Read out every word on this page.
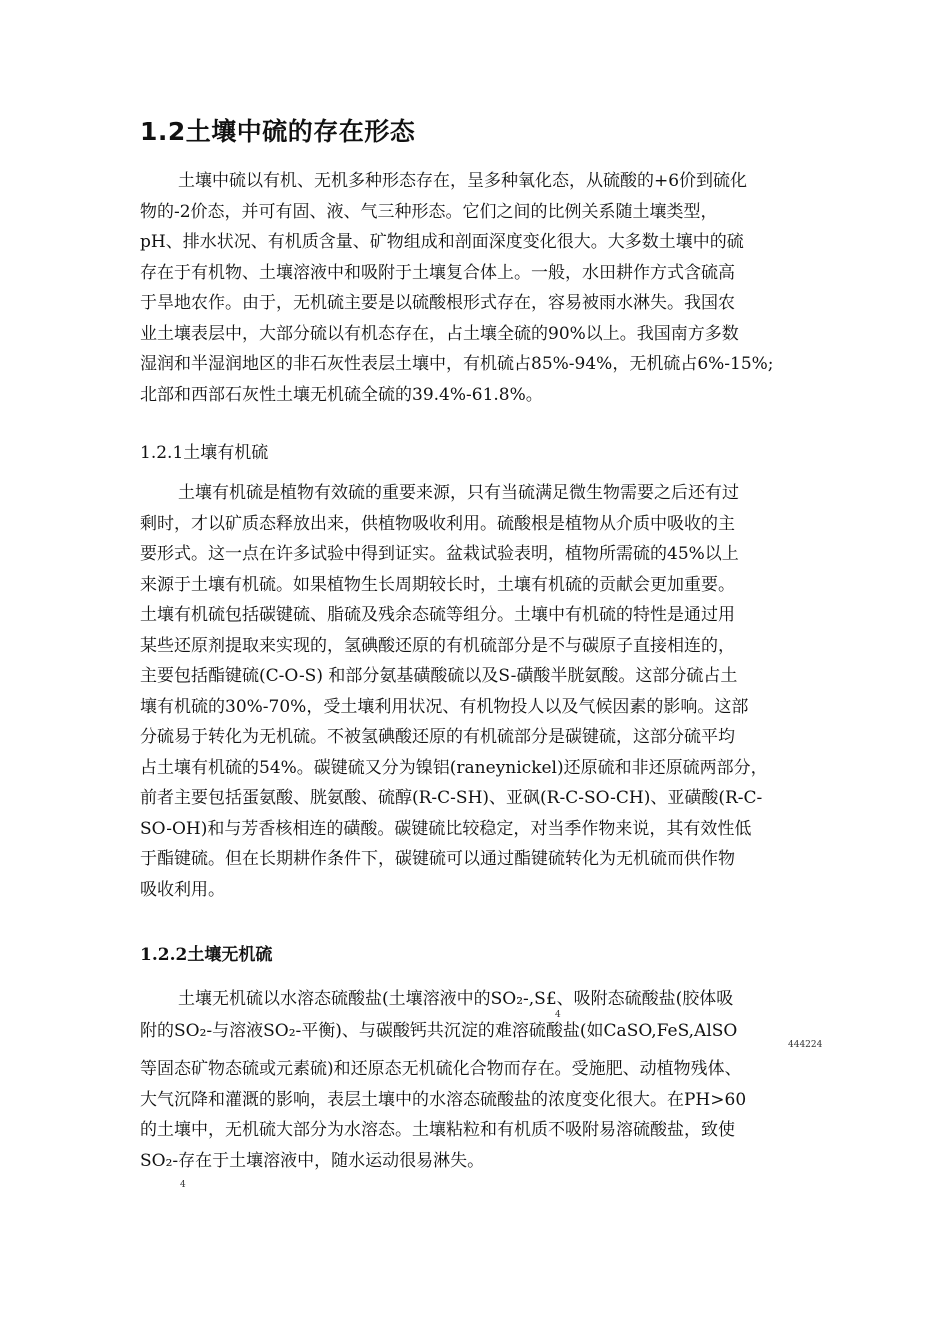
1.2土壤中硫的存在形态
土壤中硫以有机、无机多种形态存在，呈多种氧化态，从硫酸的+6价到硫化
物的-2价态，并可有固、液、气三种形态。它们之间的比例关系随土壤类型，
pH、排水状况、有机质含量、矿物组成和剖面深度变化很大。大多数土壤中的硫
存在于有机物、土壤溶液中和吸附于土壤复合体上。一般，水田耕作方式含硫高
于旱地农作。由于，无机硫主要是以硫酸根形式存在，容易被雨水淋失。我国农
业土壤表层中，大部分硫以有机态存在，占土壤全硫的90%以上。我国南方多数
湿润和半湿润地区的非石灰性表层土壤中，有机硫占85%-94%，无机硫占6%-15%;
北部和西部石灰性土壤无机硫全硫的39.4%-61.8%。
1.2.1土壤有机硫
土壤有机硫是植物有效硫的重要来源，只有当硫满足微生物需要之后还有过
剩时，才以矿质态释放出来，供植物吸收利用。硫酸根是植物从介质中吸收的主
要形式。这一点在许多试验中得到证实。盆栽试验表明，植物所需硫的45%以上
来源于土壤有机硫。如果植物生长周期较长时，土壤有机硫的贡献会更加重要。
土壤有机硫包括碳键硫、脂硫及残余态硫等组分。土壤中有机硫的特性是通过用
某些还原剂提取来实现的，氢碘酸还原的有机硫部分是不与碳原子直接相连的，
主要包括酯键硫(C-O-S) 和部分氨基磺酸硫以及S-磺酸半胱氨酸。这部分硫占土
壤有机硫的30%-70%，受土壤利用状况、有机物投人以及气候因素的影响。这部
分硫易于转化为无机硫。不被氢碘酸还原的有机硫部分是碳键硫，这部分硫平均
占土壤有机硫的54%。碳键硫又分为镍铝(raneynickel)还原硫和非还原硫两部分，
前者主要包括蛋氨酸、胱氨酸、硫醇(R-C-SH)、亚砜(R-C-SO-CH)、亚磺酸(R-C-
SO-OH)和与芳香核相连的磺酸。碳键硫比较稳定，对当季作物来说，其有效性低
于酯键硫。但在长期耕作条件下，碳键硫可以通过酯键硫转化为无机硫而供作物
吸收利用。
1.2.2土壤无机硫
土壤无机硫以水溶态硫酸盐(土壤溶液中的SO₂-,S£、吸附态硫酸盐(胶体吸
4
附的SO₂-与溶液SO₂-平衡)、与碳酸钙共沉淀的难溶硫酸盐(如CaSO,FeS,AlSO
444224
等固态矿物态硫或元素硫)和还原态无机硫化合物而存在。受施肥、动植物残体、
大气沉降和灌溉的影响，表层土壤中的水溶态硫酸盐的浓度变化很大。在PH>60
的土壤中，无机硫大部分为水溶态。土壤粘粒和有机质不吸附易溶硫酸盐，致使
SO₂-存在于土壤溶液中，随水运动很易淋失。
4
